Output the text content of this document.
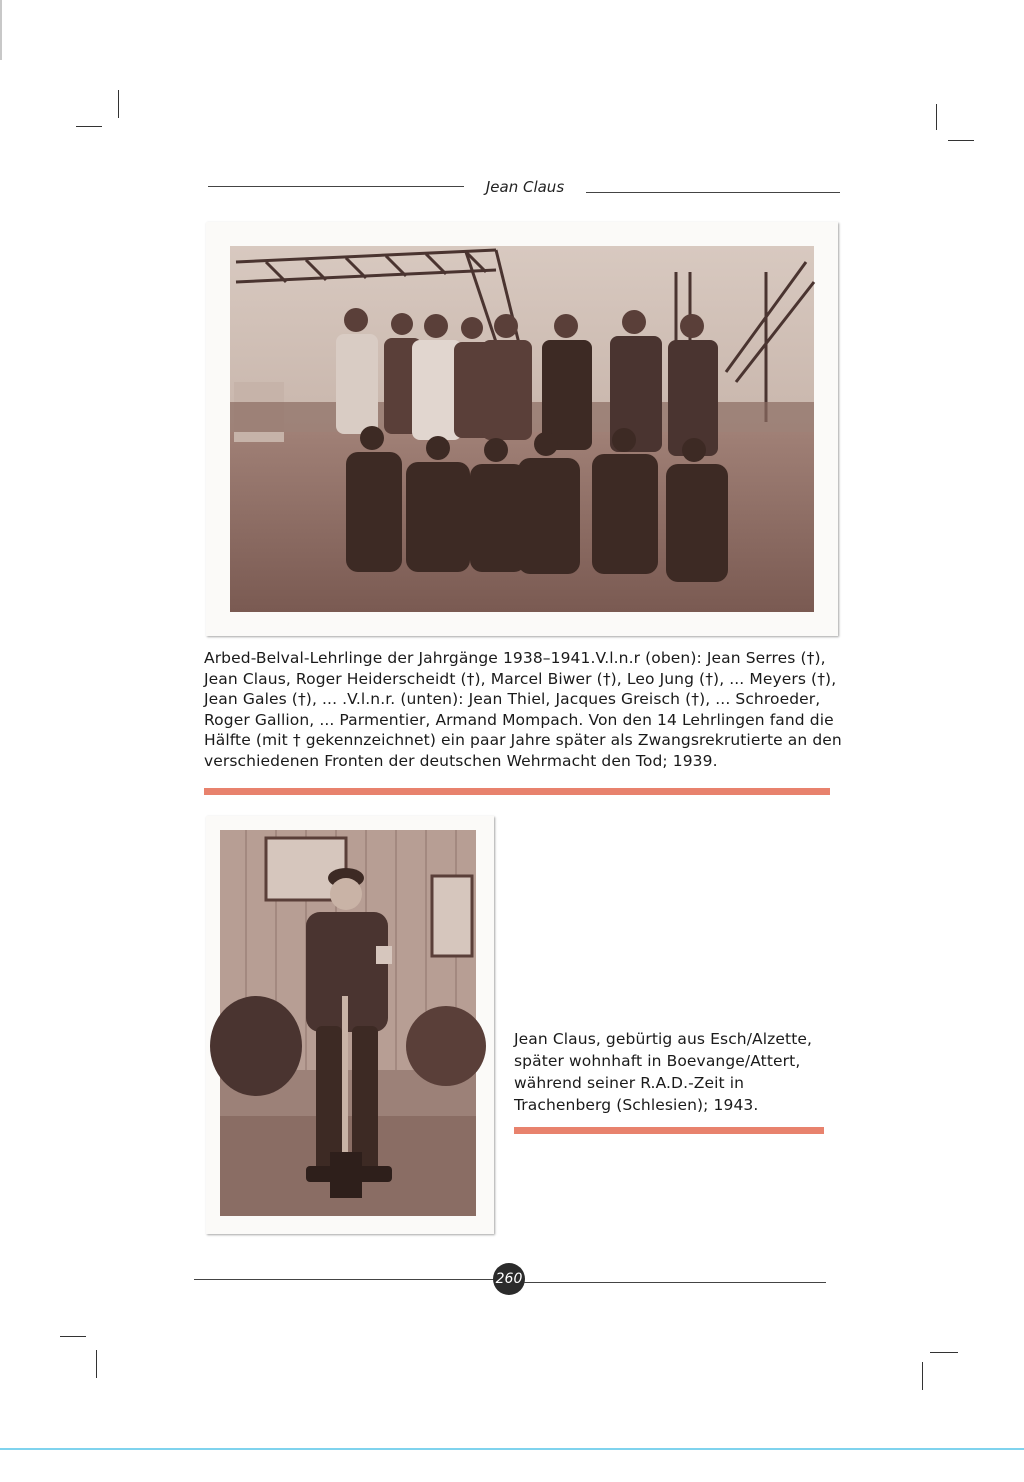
Jean Claus
Arbed-Belval-Lehrlinge der Jahrgänge 1938–1941.V.l.n.r (oben): Jean Serres (†),
Jean Claus, Roger Heiderscheidt (†), Marcel Biwer (†), Leo Jung (†), ... Meyers (†),
Jean Gales (†), ... .V.l.n.r. (unten): Jean Thiel, Jacques Greisch (†), ... Schroeder,
Roger Gallion, ... Parmentier, Armand Mompach. Von den 14 Lehrlingen fand die
Hälfte (mit † gekennzeichnet) ein paar Jahre später als Zwangsrekrutierte an den
verschiedenen Fronten der deutschen Wehrmacht den Tod; 1939.
Jean Claus, gebürtig aus Esch/Alzette,
später wohnhaft in Boevange/Attert,
während seiner R.A.D.-Zeit in
Trachenberg (Schlesien); 1943.
260
